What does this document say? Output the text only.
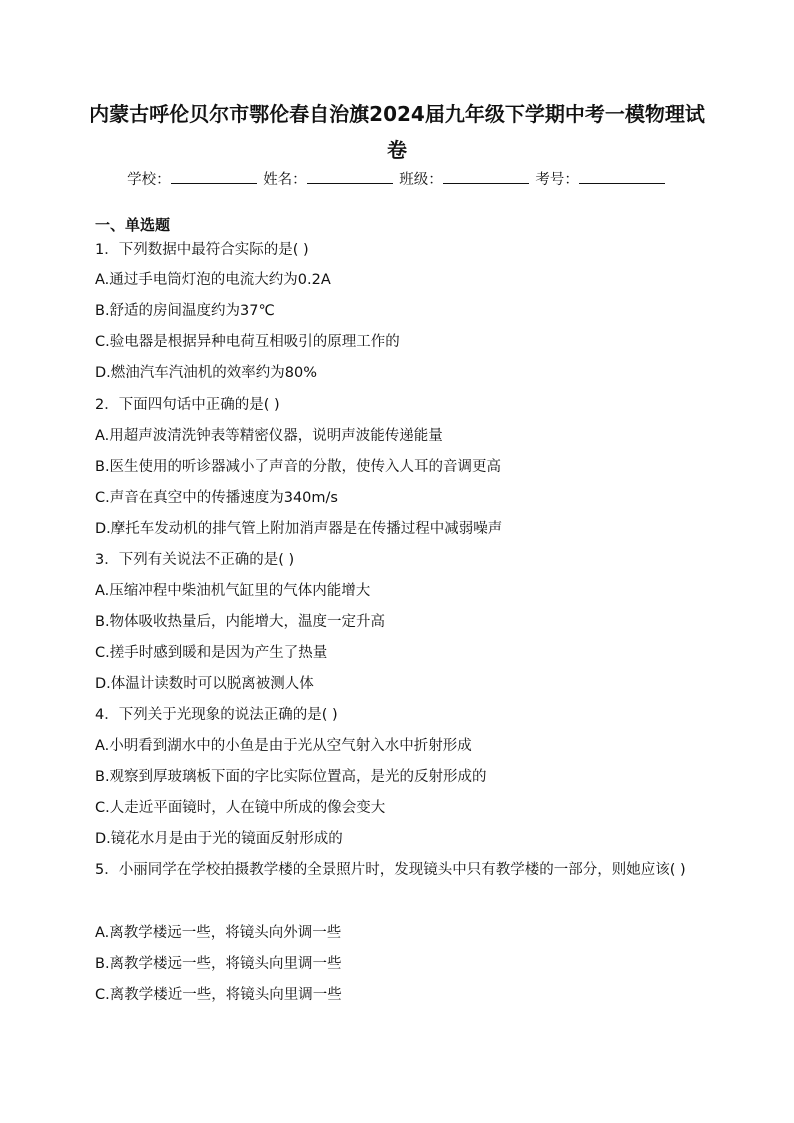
内蒙古呼伦贝尔市鄂伦春自治旗2024届九年级下学期中考一模物理试卷
学校：	姓名：	班级：	考号：
一、单选题
1．下列数据中最符合实际的是( )
A.通过手电筒灯泡的电流大约为0.2A
B.舒适的房间温度约为37℃
C.验电器是根据异种电荷互相吸引的原理工作的
D.燃油汽车汽油机的效率约为80%
2．下面四句话中正确的是( )
A.用超声波清洗钟表等精密仪器，说明声波能传递能量
B.医生使用的听诊器减小了声音的分散，使传入人耳的音调更高
C.声音在真空中的传播速度为340m/s
D.摩托车发动机的排气管上附加消声器是在传播过程中减弱噪声
3．下列有关说法不正确的是( )
A.压缩冲程中柴油机气缸里的气体内能增大
B.物体吸收热量后，内能增大，温度一定升高
C.搓手时感到暖和是因为产生了热量
D.体温计读数时可以脱离被测人体
4．下列关于光现象的说法正确的是( )
A.小明看到湖水中的小鱼是由于光从空气射入水中折射形成
B.观察到厚玻璃板下面的字比实际位置高，是光的反射形成的
C.人走近平面镜时，人在镜中所成的像会变大
D.镜花水月是由于光的镜面反射形成的
5．小丽同学在学校拍摄教学楼的全景照片时，发现镜头中只有教学楼的一部分，则她应该( )
A.离教学楼远一些，将镜头向外调一些
B.离教学楼远一些，将镜头向里调一些
C.离教学楼近一些，将镜头向里调一些
